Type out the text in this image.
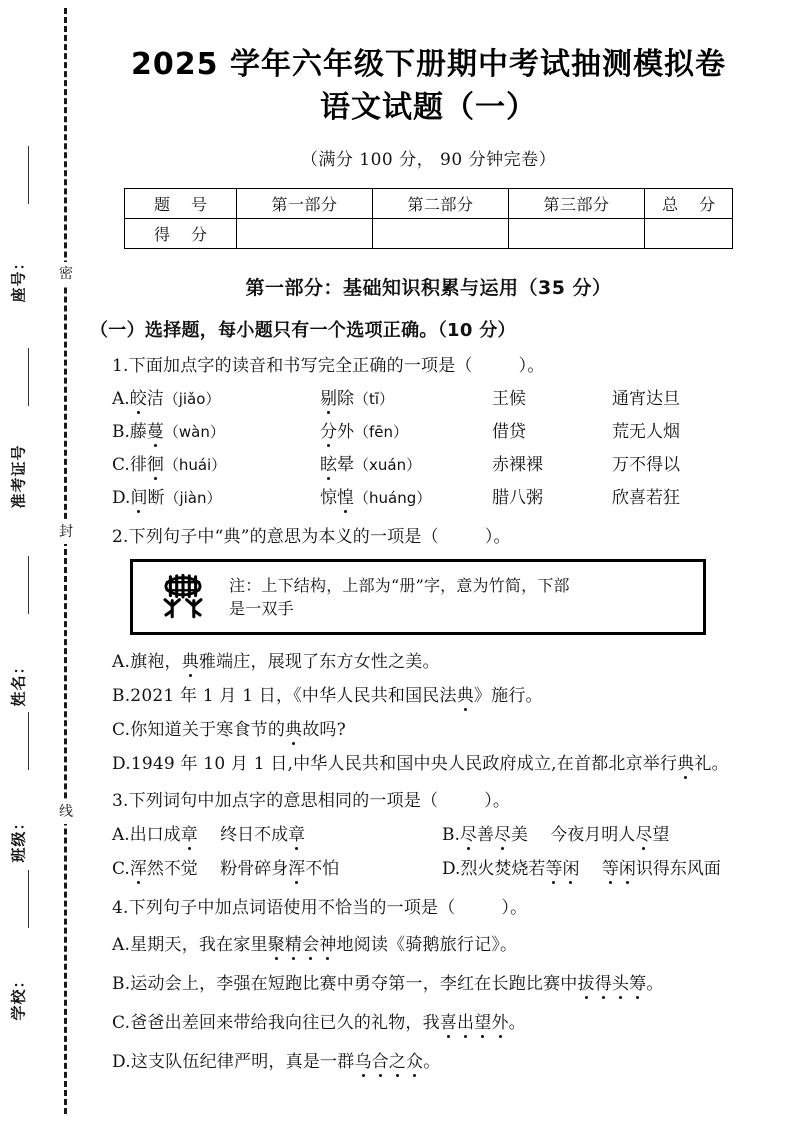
密
封
线
座号：
准考证号
姓名：
班级：
学校：
2025 学年六年级下册期中考试抽测模拟卷
语文试题（一）
（满分 100 分， 90 分钟完卷）
题 号	第一部分	第二部分	第三部分	总 分
得 分				
第一部分：基础知识积累与运用（35 分）
（一）选择题，每小题只有一个选项正确。（10 分）
1.下面加点字的读音和书写完全正确的一项是（	）。
A.皎洁（jiǎo）	剔除（tī）	王候	通宵达旦
B.藤蔓（wàn）	分外（fēn）	借贷	荒无人烟
C.徘徊（huái）	眩晕（xuán）	赤裸裸	万不得以
D.间断（jiàn）	惊惶（huáng）	腊八粥	欣喜若狂
2.下列句子中“典”的意思为本义的一项是（	）。
注：上下结构，上部为“册”字，意为竹简，下部
是一双手
A.旗袍，典雅端庄，展现了东方女性之美。
B.2021 年 1 月 1 日，《中华人民共和国民法典》施行。
C.你知道关于寒食节的典故吗?
D.1949 年 10 月 1 日,中华人民共和国中央人民政府成立,在首都北京举行典礼。
3.下列词句中加点字的意思相同的一项是（	）。
A.出口成章　 终日不成章	B.尽善尽美　 今夜月明人尽望
C.浑然不觉　 粉骨碎身浑不怕	D.烈火焚烧若等闲　 等闲识得东风面
4.下列句子中加点词语使用不恰当的一项是（	）。
A.星期天，我在家里聚精会神地阅读《骑鹅旅行记》。
B.运动会上，李强在短跑比赛中勇夺第一，李红在长跑比赛中拔得头筹。
C.爸爸出差回来带给我向往已久的礼物，我喜出望外。
D.这支队伍纪律严明，真是一群乌合之众。
